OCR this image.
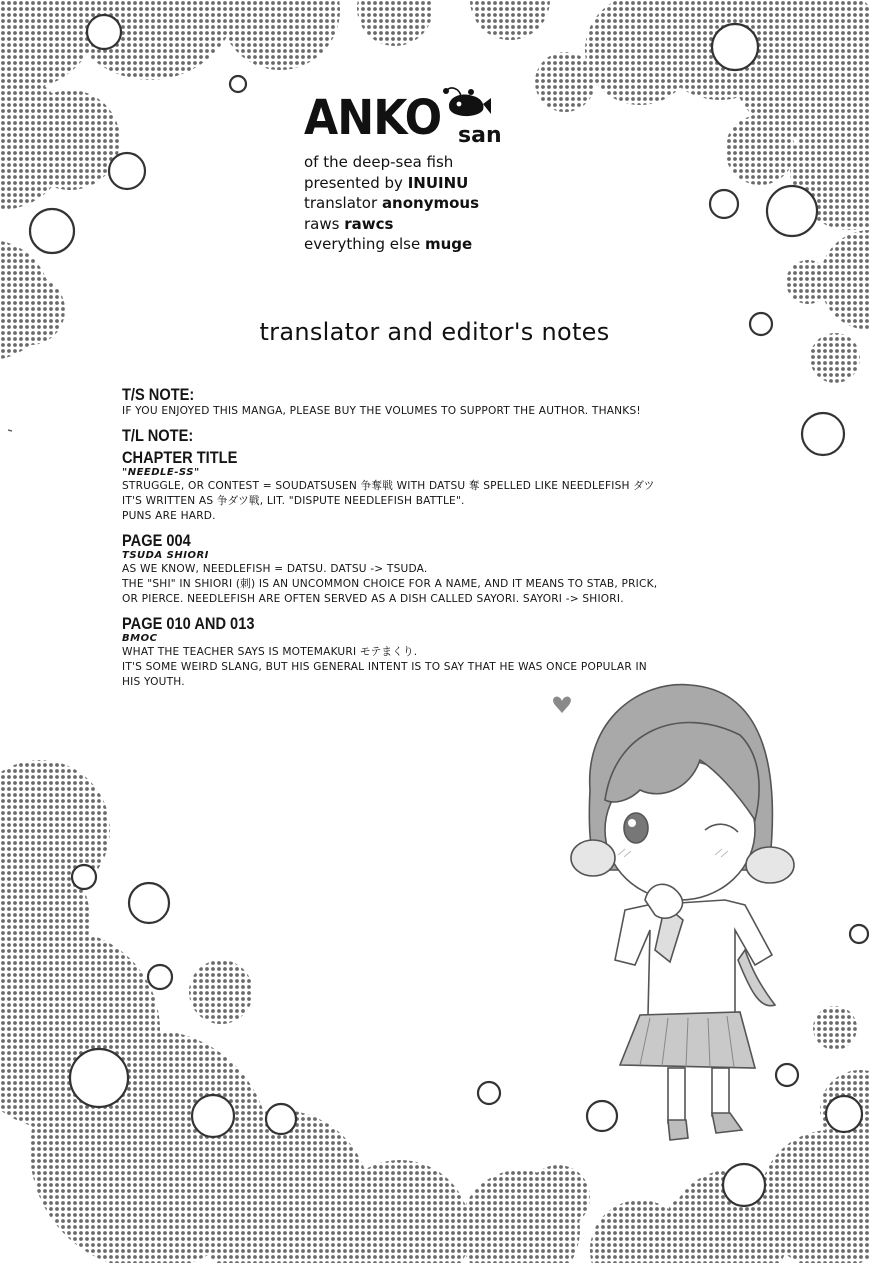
ANKO san
of the deep-sea fish
presented by INUINU
translator anonymous
raws rawcs
everything else muge
translator and editor's notes
T/S NOTE:
IF YOU ENJOYED THIS MANGA, PLEASE BUY THE VOLUMES TO SUPPORT THE AUTHOR. THANKS!
T/L NOTE:
CHAPTER TITLE
"NEEDLE-SS"
STRUGGLE, OR CONTEST = SOUDATSUSEN 争奪戦 WITH DATSU 奪 SPELLED LIKE NEEDLEFISH ダツ
IT'S WRITTEN AS 争ダツ戦, LIT. "DISPUTE NEEDLEFISH BATTLE".
PUNS ARE HARD.
PAGE 004
TSUDA SHIORI
AS WE KNOW, NEEDLEFISH = DATSU. DATSU -> TSUDA.
THE "SHI" IN SHIORI (刺) IS AN UNCOMMON CHOICE FOR A NAME, AND IT MEANS TO STAB, PRICK,
OR PIERCE. NEEDLEFISH ARE OFTEN SERVED AS A DISH CALLED SAYORI. SAYORI -> SHIORI.
PAGE 010 AND 013
BMOC
WHAT THE TEACHER SAYS IS MOTEMAKURI モテまくり.
IT'S SOME WEIRD SLANG, BUT HIS GENERAL INTENT IS TO SAY THAT HE WAS ONCE POPULAR IN
HIS YOUTH.
